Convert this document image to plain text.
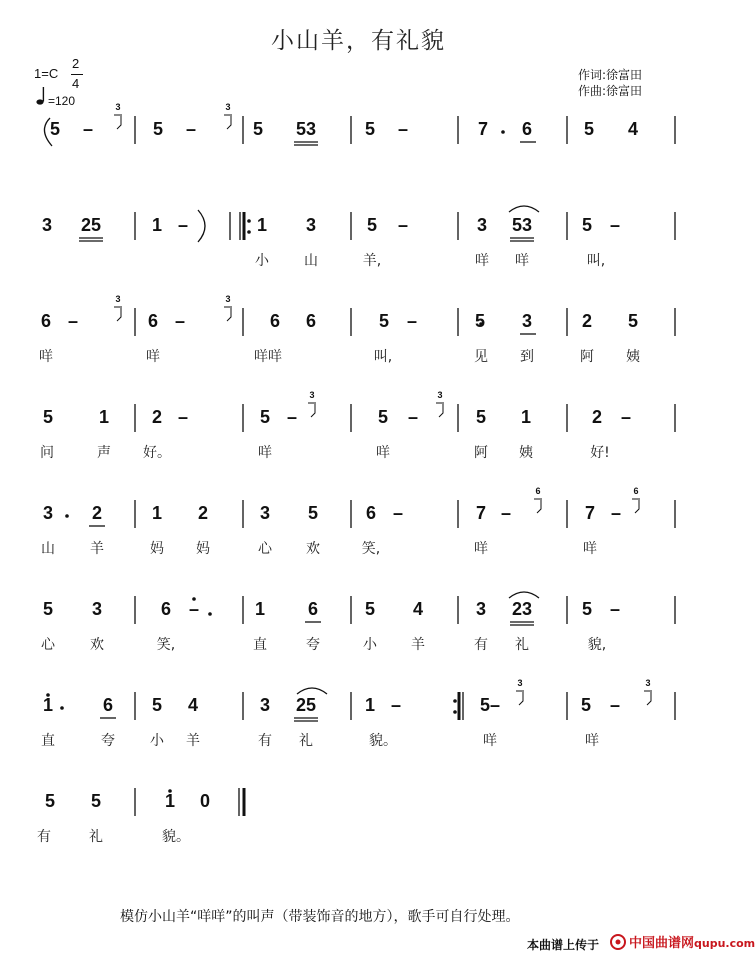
小山羊，有礼貌
1=C
2
4
=120
作词:徐富田
作曲:徐富田
模仿小山羊“咩咩”的叫声（带装饰音的地方），歌手可自行处理。
本曲谱上传于 中国曲谱网qupu.com
5 –	5 –	5 53	5 –	7 6	5 4
3 25	1 –	1 3	5 –	3 53	5 –
小	山	羊,	咩 咩	叫,
6 –	6 –	6 6	5 –	5 3	2 5
咩	咩	咩咩	叫,	见 到	阿 姨
5	1 2 –	5 –	5 –	5 1	2 –
问	声 好。	咩	咩	阿 姨	好!
3 2	1 2	3 5	6 –	7 –	7 –
山	羊	妈 妈	心 欢	笑,	咩	咩
5 3	6 –	1 6	5 4	3 23	5 –
心	欢	笑,	直	夸	小 羊	有 礼	貌,
1	6 5 4	3 25	1 –	5–	5 –
直	夸	小 羊	有 礼	貌。	咩	咩
5 5	1 0
有	礼	貌。
3	3
3	3
3	3
6	6
3	3
